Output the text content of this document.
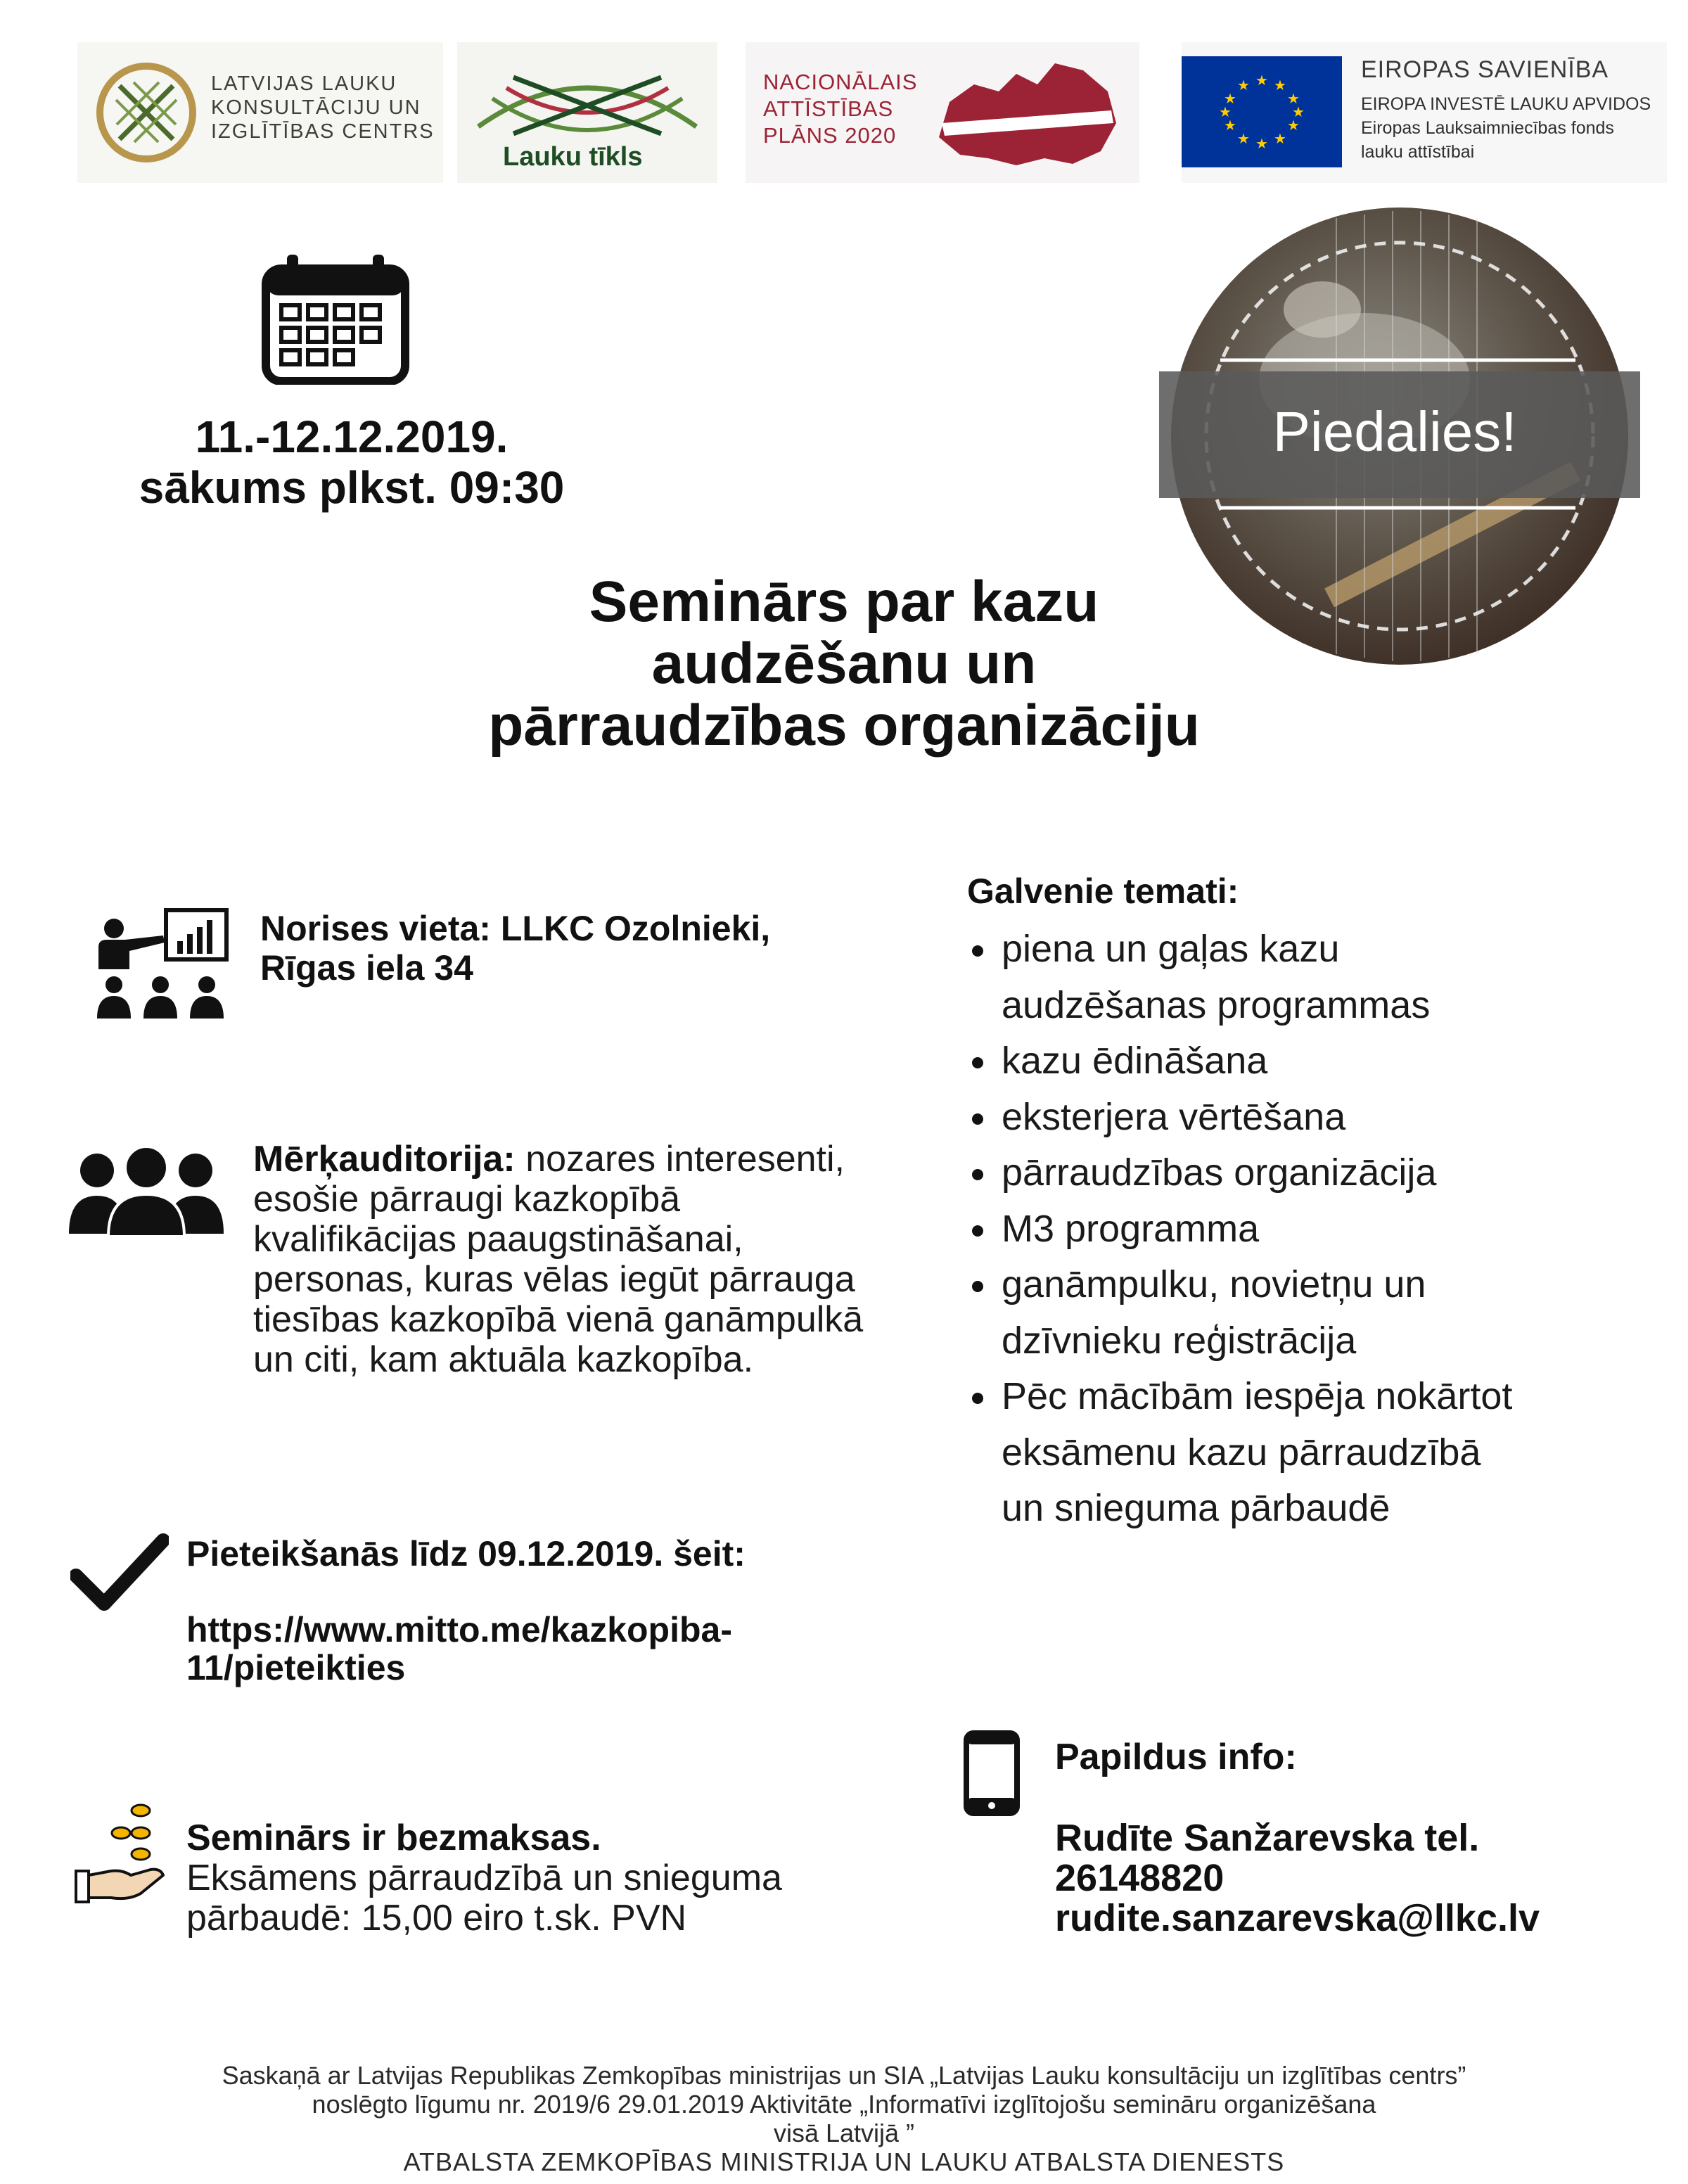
LATVIJAS LAUKU
KONSULTĀCIJU UN
IZGLĪTĪBAS CENTRS
Lauku tīkls
NACIONĀLAIS
ATTĪSTĪBAS
PLĀNS 2020
★ ★
★
★
★
★
★
★
★
★
★
★
EIROPAS SAVIENĪBA
EIROPA INVESTĒ LAUKU APVIDOS
Eiropas Lauksaimniecības fonds
lauku attīstībai
11.-12.12.2019.
sākums plkst. 09:30
Piedalies!
Seminārs par kazu
audzēšanu un
pārraudzības organizāciju
Norises vieta: LLKC Ozolnieki,
Rīgas iela 34
Mērķauditorija: nozares interesenti, esošie pārraugi kazkopībā kvalifikācijas paaugstināšanai, personas, kuras vēlas iegūt pārrauga tiesības kazkopībā vienā ganāmpulkā un citi, kam aktuāla kazkopība.
Pieteikšanās līdz 09.12.2019. šeit:
https://www.mitto.me/kazkopiba-
11/pieteikties
Seminārs ir bezmaksas.
Eksāmens pārraudzībā un snieguma pārbaudē: 15,00 eiro t.sk. PVN
Galvenie temati:
piena un gaļas kazu
audzēšanas programmas
kazu ēdināšana
eksterjera vērtēšana
pārraudzības organizācija
M3 programma
ganāmpulku, novietņu un
dzīvnieku reģistrācija
Pēc mācībām iespēja nokārtot
eksāmenu kazu pārraudzībā
un snieguma pārbaudē
Papildus info:
Rudīte Sanžarevska tel.
26148820
rudite.sanzarevska@llkc.lv
Saskaņā ar Latvijas Republikas Zemkopības ministrijas un SIA „Latvijas Lauku konsultāciju un izglītības centrs”
noslēgto līgumu nr. 2019/6 29.01.2019 Aktivitāte „Informatīvi izglītojošu semināru organizēšana
visā Latvijā ”
ATBALSTA ZEMKOPĪBAS MINISTRIJA UN LAUKU ATBALSTA DIENESTS
